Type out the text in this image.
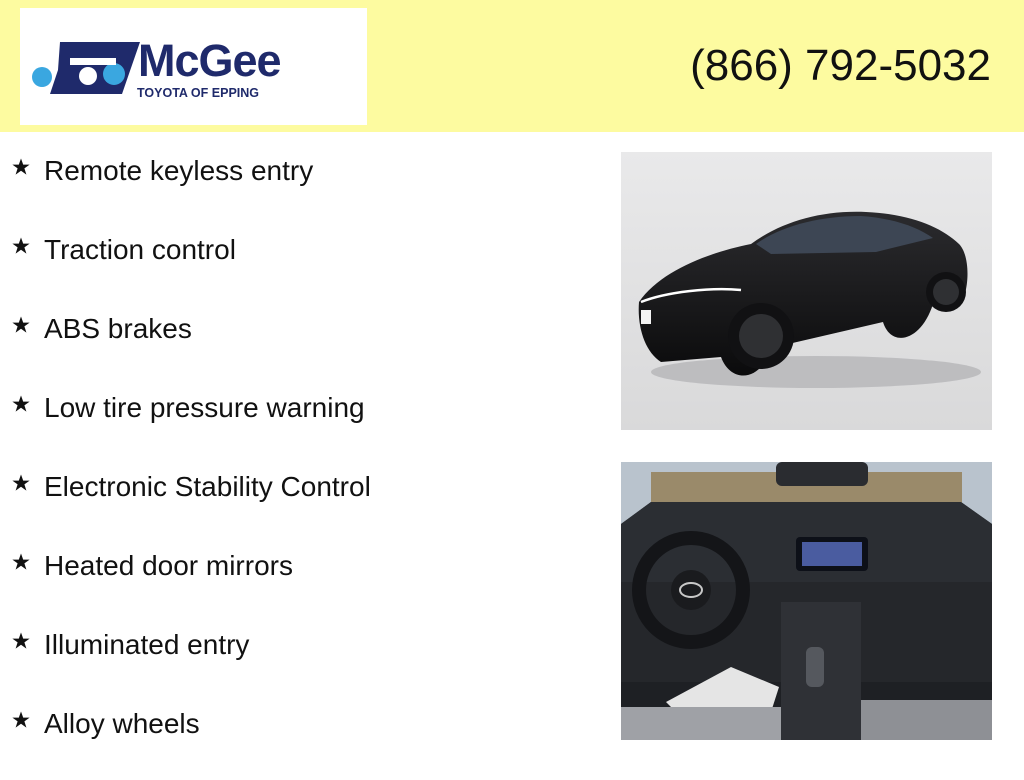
McGee
TOYOTA OF EPPING
(866) 792-5032
Remote keyless entry
Traction control
ABS brakes
Low tire pressure warning
Electronic Stability Control
Heated door mirrors
Illuminated entry
Alloy wheels
